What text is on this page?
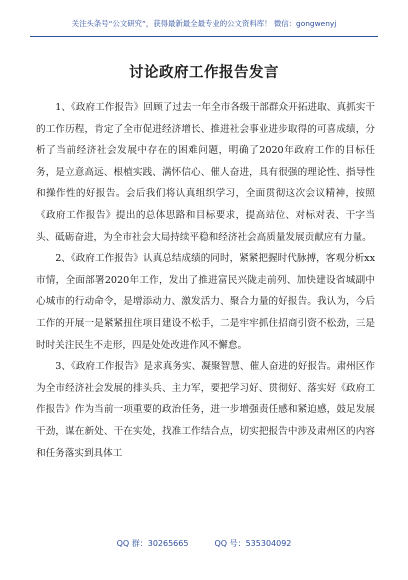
关注头条号“公文研究”，获得最新最全最专业的公文资料库！ 微信：gongwenyj
讨论政府工作报告发言

1、《政府工作报告》回顾了过去一年全市各级干部群众开拓进取、真抓实干的工作历程，肯定了全市促进经济增长、推进社会事业进步取得的可喜成绩，分析了当前经济社会发展中存在的困难问题，明确了2020年政府工作的目标任务，是立意高远、根植实践、满怀信心、催人奋进，具有很强的理论性、指导性和操作性的好报告。会后我们将认真组织学习，全面贯彻这次会议精神，按照《政府工作报告》提出的总体思路和目标要求，提高站位、对标对表、干字当头、砥砺奋进，为全市社会大局持续平稳和经济社会高质量发展贡献应有力量。

2、《政府工作报告》认真总结成绩的同时，紧紧把握时代脉搏，客观分析xx市情，全面部署2020年工作，发出了推进富民兴陇走前列、加快建设省城副中心城市的行动命令，是增添动力、激发活力、聚合力量的好报告。我认为，今后工作的开展一是紧紧扭住项目建设不松手，二是牢牢抓住招商引资不松劲，三是时时关注民生不走形，四是处处改进作风不懈怠。

3、《政府工作报告》是求真务实、凝聚智慧、催人奋进的好报告。肃州区作为全市经济社会发展的排头兵、主力军，要把学习好、贯彻好、落实好《政府工作报告》作为当前一项重要的政治任务，进一步增强责任感和紧迫感，鼓足发展干劲，谋在新处、干在实处，找准工作结合点，切实把报告中涉及肃州区的内容和任务落实到具体工

QQ 群：30265665	QQ 号：535304092
